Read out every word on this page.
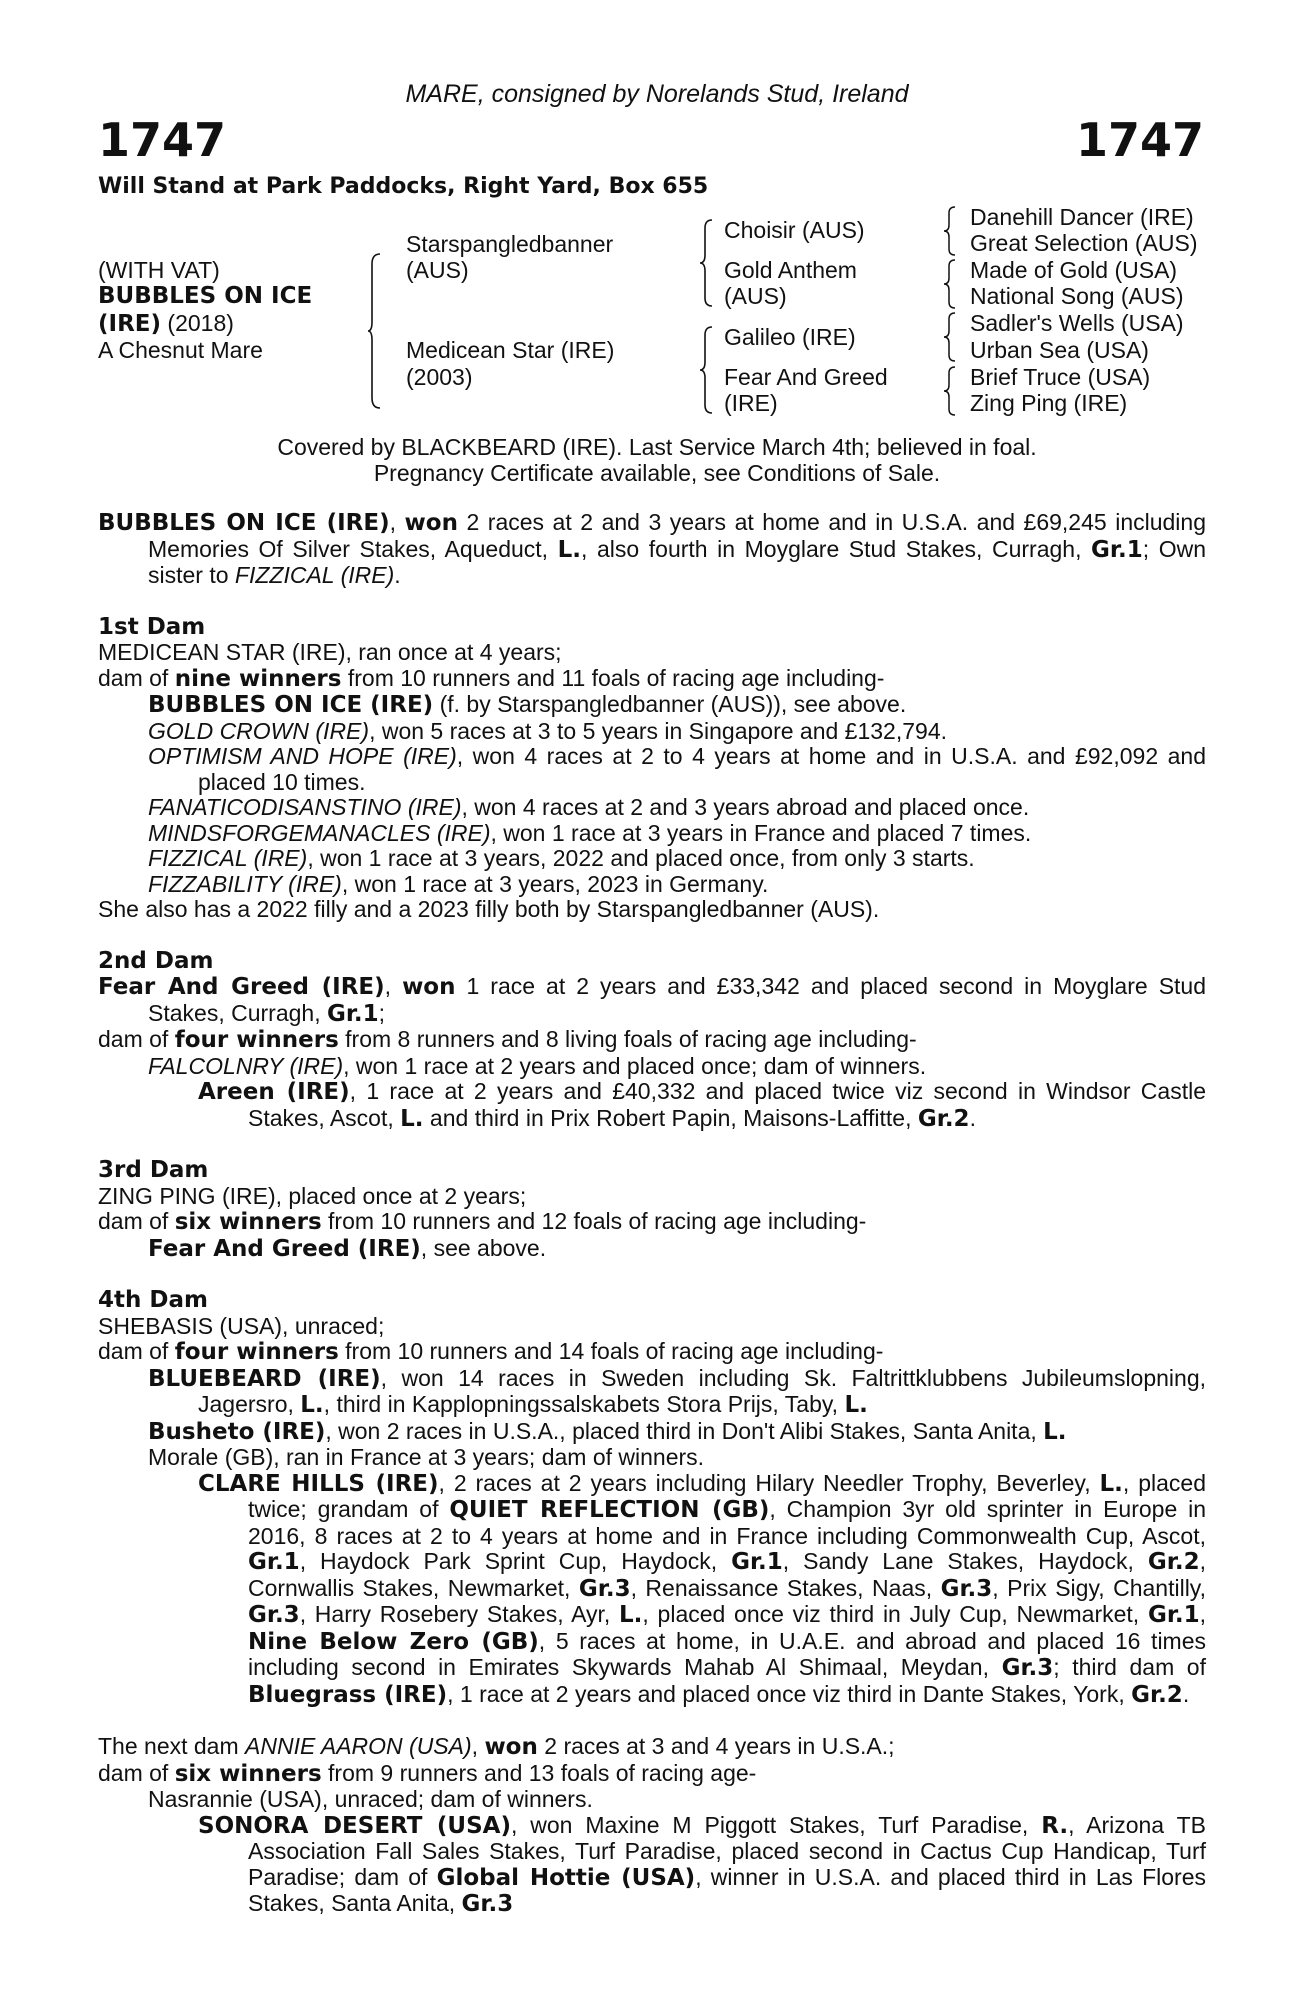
MARE, consigned by Norelands Stud, Ireland
1747	1747
Will Stand at Park Paddocks, Right Yard, Box 655
(WITH VAT)
BUBBLES ON ICE
(IRE) (2018)
A Chesnut Mare
Starspangledbanner
(AUS)
Medicean Star (IRE)
(2003)
Choisir (AUS)
Gold Anthem
(AUS)
Galileo (IRE)
Fear And Greed
(IRE)
Danehill Dancer (IRE)
Great Selection (AUS)
Made of Gold (USA)
National Song (AUS)
Sadler's Wells (USA)
Urban Sea (USA)
Brief Truce (USA)
Zing Ping (IRE)
Covered by BLACKBEARD (IRE). Last Service March 4th; believed in foal.
Pregnancy Certificate available, see Conditions of Sale.

BUBBLES ON ICE (IRE), won 2 races at 2 and 3 years at home and in U.S.A. and £69,245 including Memories Of Silver Stakes, Aqueduct, L., also fourth in Moyglare Stud Stakes, Curragh, Gr.1; Own sister to FIZZICAL (IRE).

1st Dam

MEDICEAN STAR (IRE), ran once at 4 years;

dam of nine winners from 10 runners and 11 foals of racing age including-

BUBBLES ON ICE (IRE) (f. by Starspangledbanner (AUS)), see above.

GOLD CROWN (IRE), won 5 races at 3 to 5 years in Singapore and £132,794.

OPTIMISM AND HOPE (IRE), won 4 races at 2 to 4 years at home and in U.S.A. and £92,092 and placed 10 times.

FANATICODISANSTINO (IRE), won 4 races at 2 and 3 years abroad and placed once.

MINDSFORGEMANACLES (IRE), won 1 race at 3 years in France and placed 7 times.

FIZZICAL (IRE), won 1 race at 3 years, 2022 and placed once, from only 3 starts.

FIZZABILITY (IRE), won 1 race at 3 years, 2023 in Germany.

She also has a 2022 filly and a 2023 filly both by Starspangledbanner (AUS).

2nd Dam

Fear And Greed (IRE), won 1 race at 2 years and £33,342 and placed second in Moyglare Stud Stakes, Curragh, Gr.1;

dam of four winners from 8 runners and 8 living foals of racing age including-

FALCOLNRY (IRE), won 1 race at 2 years and placed once; dam of winners.

Areen (IRE), 1 race at 2 years and £40,332 and placed twice viz second in Windsor Castle Stakes, Ascot, L. and third in Prix Robert Papin, Maisons-Laffitte, Gr.2.

3rd Dam

ZING PING (IRE), placed once at 2 years;

dam of six winners from 10 runners and 12 foals of racing age including-

Fear And Greed (IRE), see above.

4th Dam

SHEBASIS (USA), unraced;

dam of four winners from 10 runners and 14 foals of racing age including-

BLUEBEARD (IRE), won 14 races in Sweden including Sk. Faltrittklubbens Jubileumslopning, Jagersro, L., third in Kapplopningssalskabets Stora Prijs, Taby, L.

Busheto (IRE), won 2 races in U.S.A., placed third in Don't Alibi Stakes, Santa Anita, L.

Morale (GB), ran in France at 3 years; dam of winners.

CLARE HILLS (IRE), 2 races at 2 years including Hilary Needler Trophy, Beverley, L., placed twice; grandam of QUIET REFLECTION (GB), Champion 3yr old sprinter in Europe in 2016, 8 races at 2 to 4 years at home and in France including Commonwealth Cup, Ascot, Gr.1, Haydock Park Sprint Cup, Haydock, Gr.1, Sandy Lane Stakes, Haydock, Gr.2, Cornwallis Stakes, Newmarket, Gr.3, Renaissance Stakes, Naas, Gr.3, Prix Sigy, Chantilly, Gr.3, Harry Rosebery Stakes, Ayr, L., placed once viz third in July Cup, Newmarket, Gr.1, Nine Below Zero (GB), 5 races at home, in U.A.E. and abroad and placed 16 times including second in Emirates Skywards Mahab Al Shimaal, Meydan, Gr.3; third dam of Bluegrass (IRE), 1 race at 2 years and placed once viz third in Dante Stakes, York, Gr.2.

The next dam ANNIE AARON (USA), won 2 races at 3 and 4 years in U.S.A.;

dam of six winners from 9 runners and 13 foals of racing age-

Nasrannie (USA), unraced; dam of winners.

SONORA DESERT (USA), won Maxine M Piggott Stakes, Turf Paradise, R., Arizona TB Association Fall Sales Stakes, Turf Paradise, placed second in Cactus Cup Handicap, Turf Paradise; dam of Global Hottie (USA), winner in U.S.A. and placed third in Las Flores Stakes, Santa Anita, Gr.3
